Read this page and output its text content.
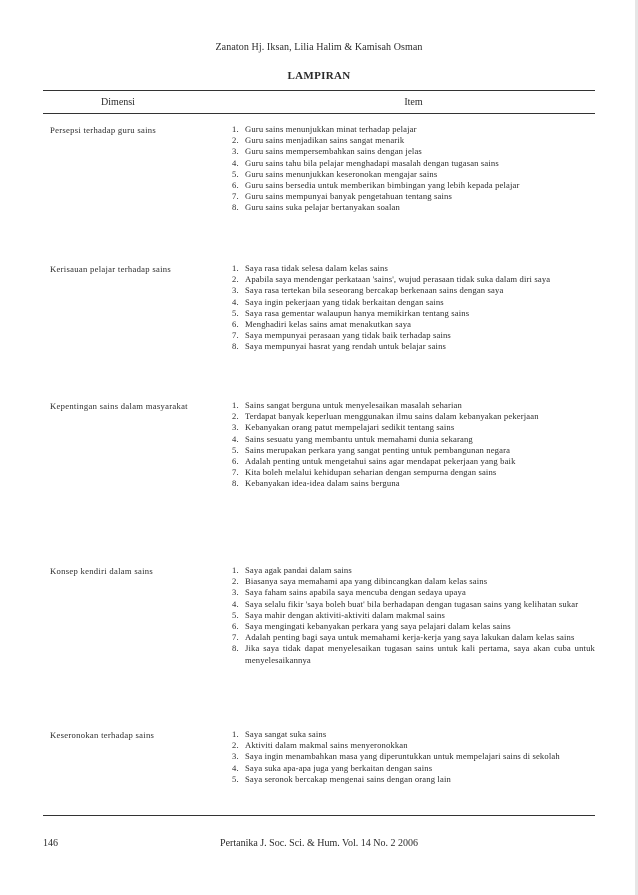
Zanaton Hj. Iksan, Lilia Halim & Kamisah Osman
LAMPIRAN
Dimensi	Item
Persepsi terhadap guru sains	1. Guru sains menunjukkan minat terhadap pelajar
2. Guru sains menjadikan sains sangat menarik
3. Guru sains mempersembahkan sains dengan jelas
4. Guru sains tahu bila pelajar menghadapi masalah dengan tugasan sains
5. Guru sains menunjukkan keseronokan mengajar sains
6. Guru sains bersedia untuk memberikan bimbingan yang lebih kepada pelajar
7. Guru sains mempunyai banyak pengetahuan tentang sains
8. Guru sains suka pelajar bertanyakan soalan
Kerisauan pelajar terhadap sains	1. Saya rasa tidak selesa dalam kelas sains
2. Apabila saya mendengar perkataan 'sains', wujud perasaan tidak suka dalam diri saya
3. Saya rasa tertekan bila seseorang bercakap berkenaan sains dengan saya
4. Saya ingin pekerjaan yang tidak berkaitan dengan sains
5. Saya rasa gementar walaupun hanya memikirkan tentang sains
6. Menghadiri kelas sains amat menakutkan saya
7. Saya mempunyai perasaan yang tidak baik terhadap sains
8. Saya mempunyai hasrat yang rendah untuk belajar sains
Kepentingan sains dalam masyarakat	1. Sains sangat berguna untuk menyelesaikan masalah seharian
2. Terdapat banyak keperluan menggunakan ilmu sains dalam kebanyakan pekerjaan
3. Kebanyakan orang patut mempelajari sedikit tentang sains
4. Sains sesuatu yang membantu untuk memahami dunia sekarang
5. Sains merupakan perkara yang sangat penting untuk pembangunan negara
6. Adalah penting untuk mengetahui sains agar mendapat pekerjaan yang baik
7. Kita boleh melalui kehidupan seharian dengan sempurna dengan sains
8. Kebanyakan idea-idea dalam sains berguna
Konsep kendiri dalam sains	1. Saya agak pandai dalam sains
2. Biasanya saya memahami apa yang dibincangkan dalam kelas sains
3. Saya faham sains apabila saya mencuba dengan sedaya upaya
4. Saya selalu fikir 'saya boleh buat' bila berhadapan dengan tugasan sains yang kelihatan sukar
5. Saya mahir dengan aktiviti-aktiviti dalam makmal sains
6. Saya mengingati kebanyakan perkara yang saya pelajari dalam kelas sains
7. Adalah penting bagi saya untuk memahami kerja-kerja yang saya lakukan dalam kelas sains
8. Jika saya tidak dapat menyelesaikan tugasan sains untuk kali pertama, saya akan cuba untuk menyelesaikannya
Keseronokan terhadap sains	1. Saya sangat suka sains
2. Aktiviti dalam makmal sains menyeronokkan
3. Saya ingin menambahkan masa yang diperuntukkan untuk mempelajari sains di sekolah
4. Saya suka apa-apa juga yang berkaitan dengan sains
5. Saya seronok bercakap mengenai sains dengan orang lain
146	Pertanika J. Soc. Sci. & Hum. Vol. 14 No. 2 2006
